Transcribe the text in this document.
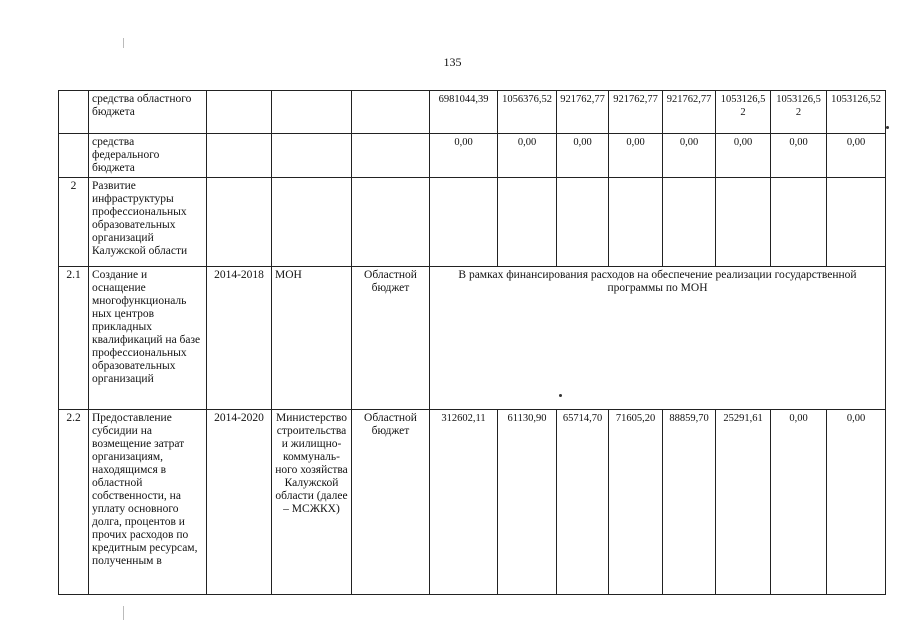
135
	средства областного бюджета				6981044,39	1056376,52	921762,77	921762,77	921762,77	1053126,52	1053126,52	1053126,52
	средства федерального бюджета				0,00	0,00	0,00	0,00	0,00	0,00	0,00	0,00
2	Развитие инфраструктуры профессиональных образовательных организаций Калужской области											
2.1	Создание и оснащение многофункциональ ных центров прикладных квалификаций на базе профессиональных образовательных организаций	2014-2018	МОН	Областной бюджет	В рамках финансирования расходов на обеспечение реализации государственной программы по МОН							
2.2	Предоставление субсидии на возмещение затрат организациям, находящимся в областной собственности, на уплату основного долга, процентов и прочих расходов по кредитным ресурсам, полученным в	2014-2020	Министерство строительства и жилищно-коммуналь-ного хозяйства Калужской области (далее – МСЖКХ)	Областной бюджет	312602,11	61130,90	65714,70	71605,20	88859,70	25291,61	0,00	0,00
